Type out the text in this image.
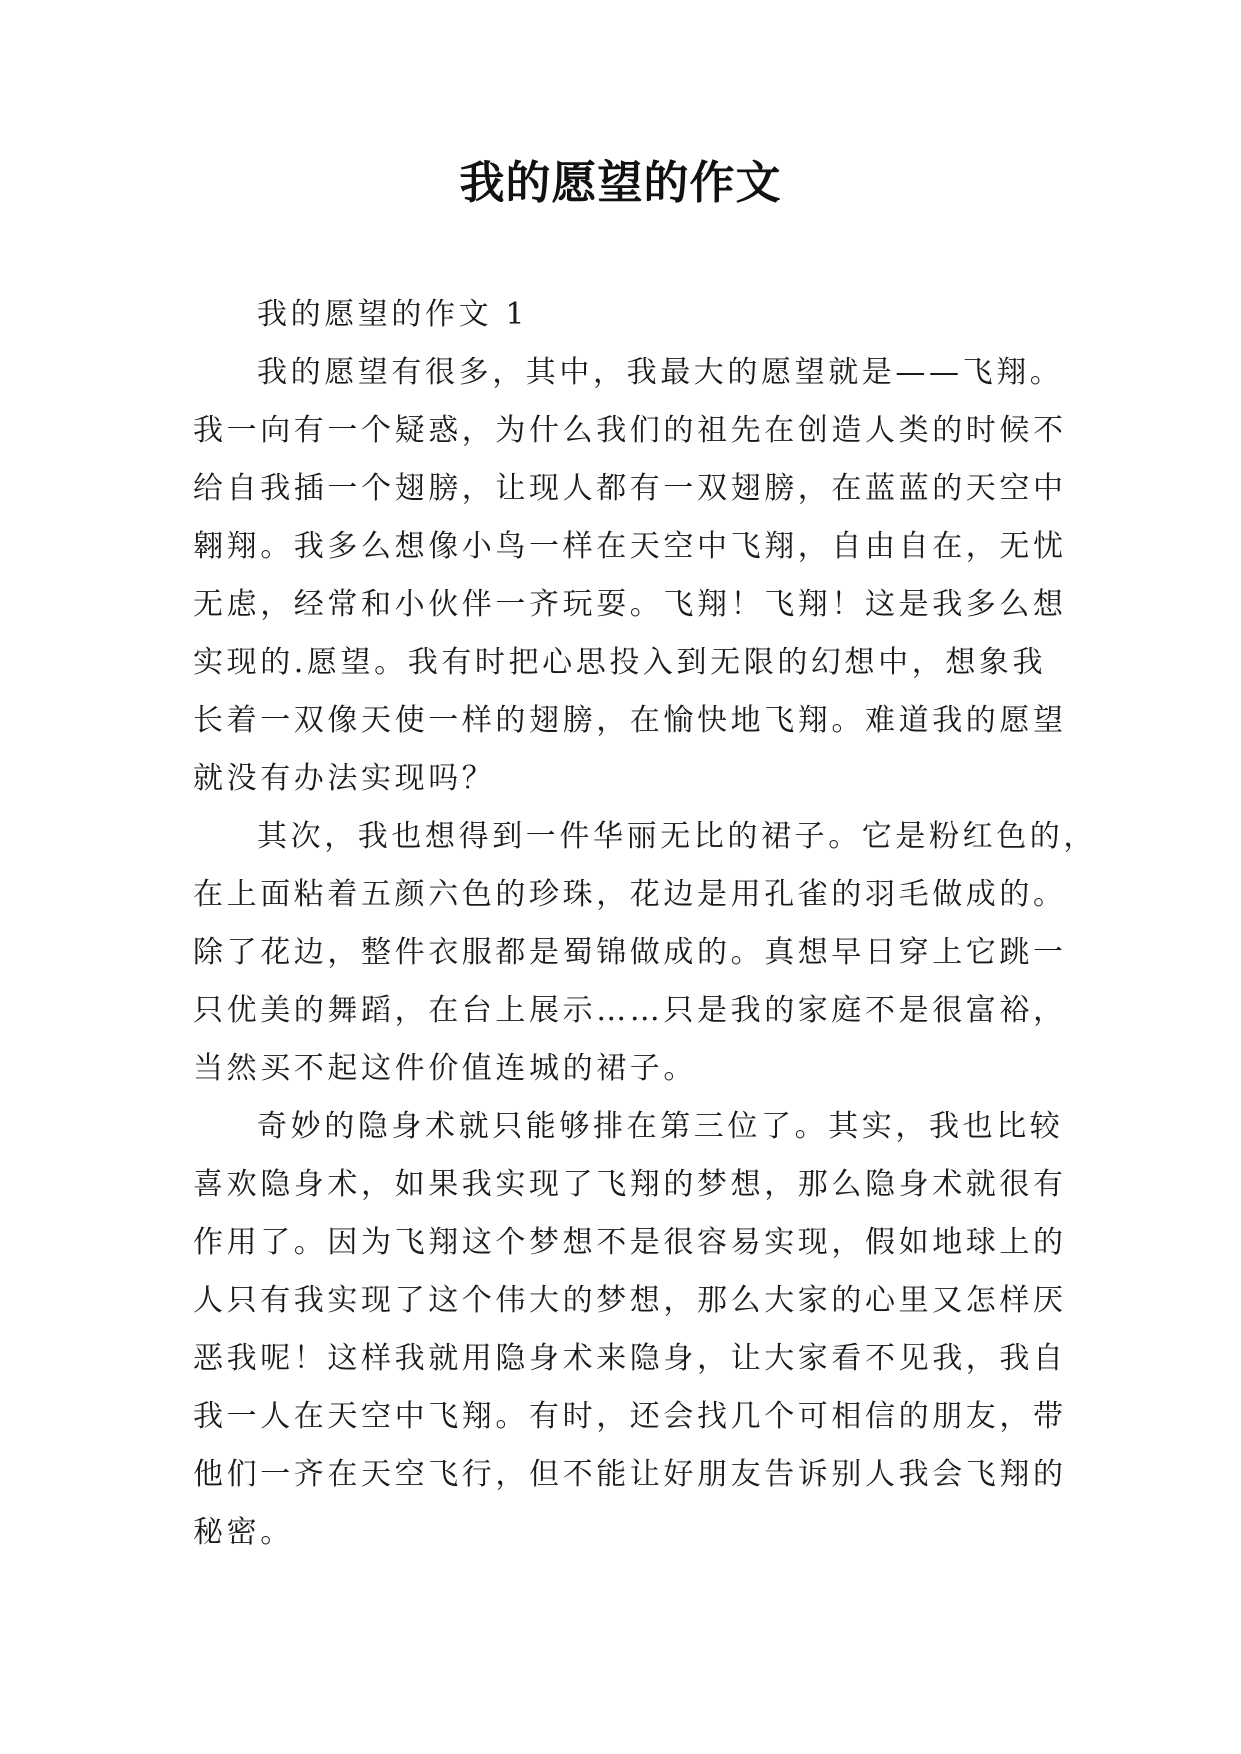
我的愿望的作文
我的愿望的作文 1
我的愿望有很多，其中，我最大的愿望就是——飞翔。
我一向有一个疑惑，为什么我们的祖先在创造人类的时候不
给自我插一个翅膀，让现人都有一双翅膀，在蓝蓝的天空中
翱翔。我多么想像小鸟一样在天空中飞翔，自由自在，无忧
无虑，经常和小伙伴一齐玩耍。飞翔！飞翔！这是我多么想
实现的.愿望。我有时把心思投入到无限的幻想中，想象我
长着一双像天使一样的翅膀，在愉快地飞翔。难道我的愿望
就没有办法实现吗？
其次，我也想得到一件华丽无比的裙子。它是粉红色的，
在上面粘着五颜六色的珍珠，花边是用孔雀的羽毛做成的。
除了花边，整件衣服都是蜀锦做成的。真想早日穿上它跳一
只优美的舞蹈，在台上展示……只是我的家庭不是很富裕，
当然买不起这件价值连城的裙子。
奇妙的隐身术就只能够排在第三位了。其实，我也比较
喜欢隐身术，如果我实现了飞翔的梦想，那么隐身术就很有
作用了。因为飞翔这个梦想不是很容易实现，假如地球上的
人只有我实现了这个伟大的梦想，那么大家的心里又怎样厌
恶我呢！这样我就用隐身术来隐身，让大家看不见我，我自
我一人在天空中飞翔。有时，还会找几个可相信的朋友，带
他们一齐在天空飞行，但不能让好朋友告诉别人我会飞翔的
秘密。
